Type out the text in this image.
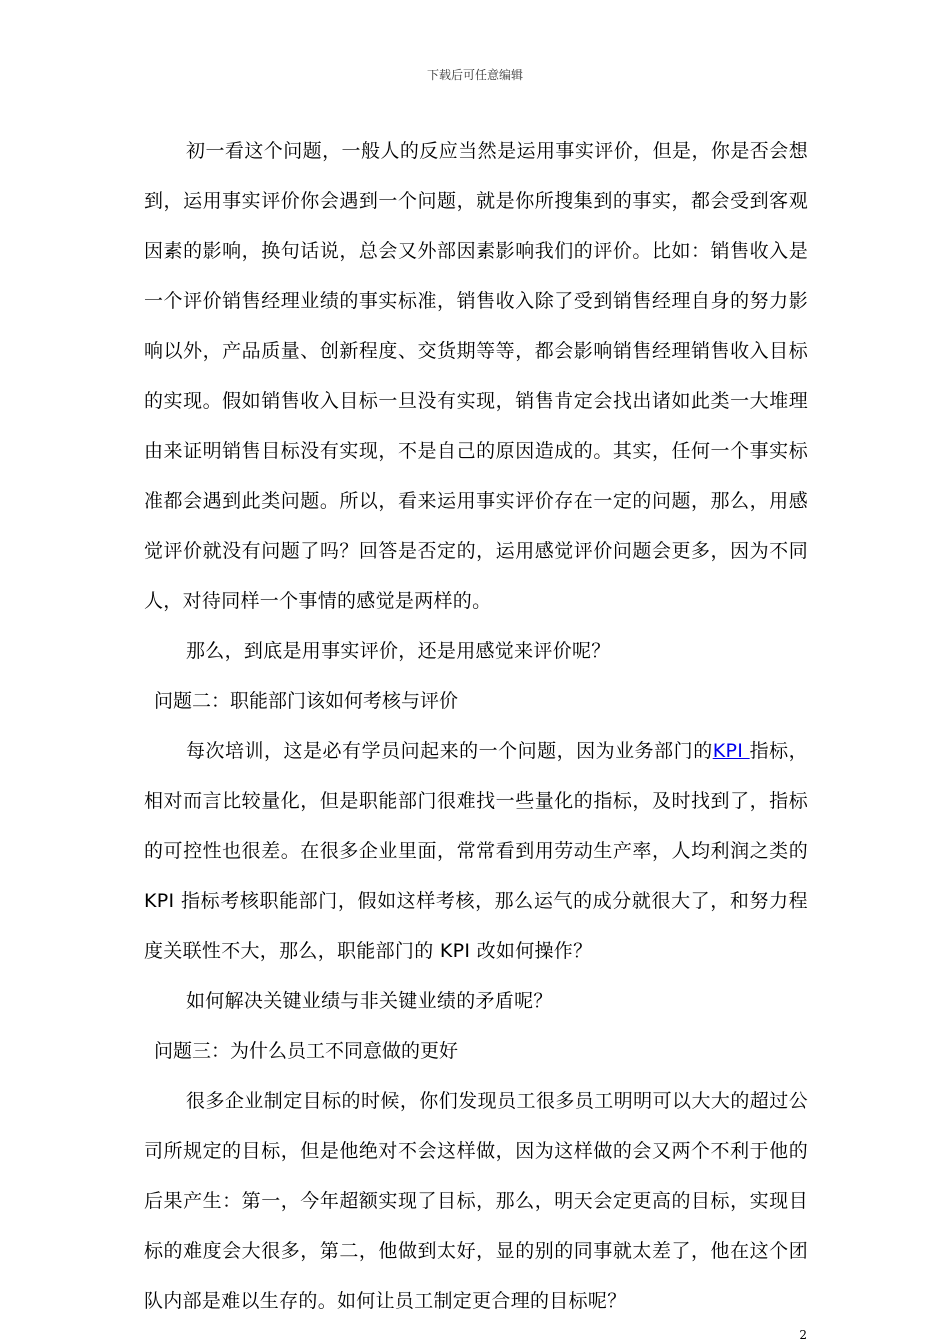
下载后可任意编辑

初一看这个问题，一般人的反应当然是运用事实评价，但是，你是否会想到，运用事实评价你会遇到一个问题，就是你所搜集到的事实，都会受到客观因素的影响，换句话说，总会又外部因素影响我们的评价。比如：销售收入是一个评价销售经理业绩的事实标准，销售收入除了受到销售经理自身的努力影响以外，产品质量、创新程度、交货期等等，都会影响销售经理销售收入目标的实现。假如销售收入目标一旦没有实现，销售肯定会找出诸如此类一大堆理由来证明销售目标没有实现，不是自己的原因造成的。其实，任何一个事实标准都会遇到此类问题。所以，看来运用事实评价存在一定的问题，那么，用感觉评价就没有问题了吗？回答是否定的，运用感觉评价问题会更多，因为不同人，对待同样一个事情的感觉是两样的。

那么，到底是用事实评价，还是用感觉来评价呢？

问题二：职能部门该如何考核与评价

每次培训，这是必有学员问起来的一个问题，因为业务部门的KPI 指标，相对而言比较量化，但是职能部门很难找一些量化的指标，及时找到了，指标的可控性也很差。在很多企业里面，常常看到用劳动生产率，人均利润之类的KPI 指标考核职能部门，假如这样考核，那么运气的成分就很大了，和努力程度关联性不大，那么，职能部门的 KPI 改如何操作？

如何解决关键业绩与非关键业绩的矛盾呢？

问题三：为什么员工不同意做的更好

很多企业制定目标的时候，你们发现员工很多员工明明可以大大的超过公司所规定的目标，但是他绝对不会这样做，因为这样做的会又两个不利于他的后果产生：第一，今年超额实现了目标，那么，明天会定更高的目标，实现目标的难度会大很多，第二，他做到太好，显的别的同事就太差了，他在这个团队内部是难以生存的。如何让员工制定更合理的目标呢？

2
